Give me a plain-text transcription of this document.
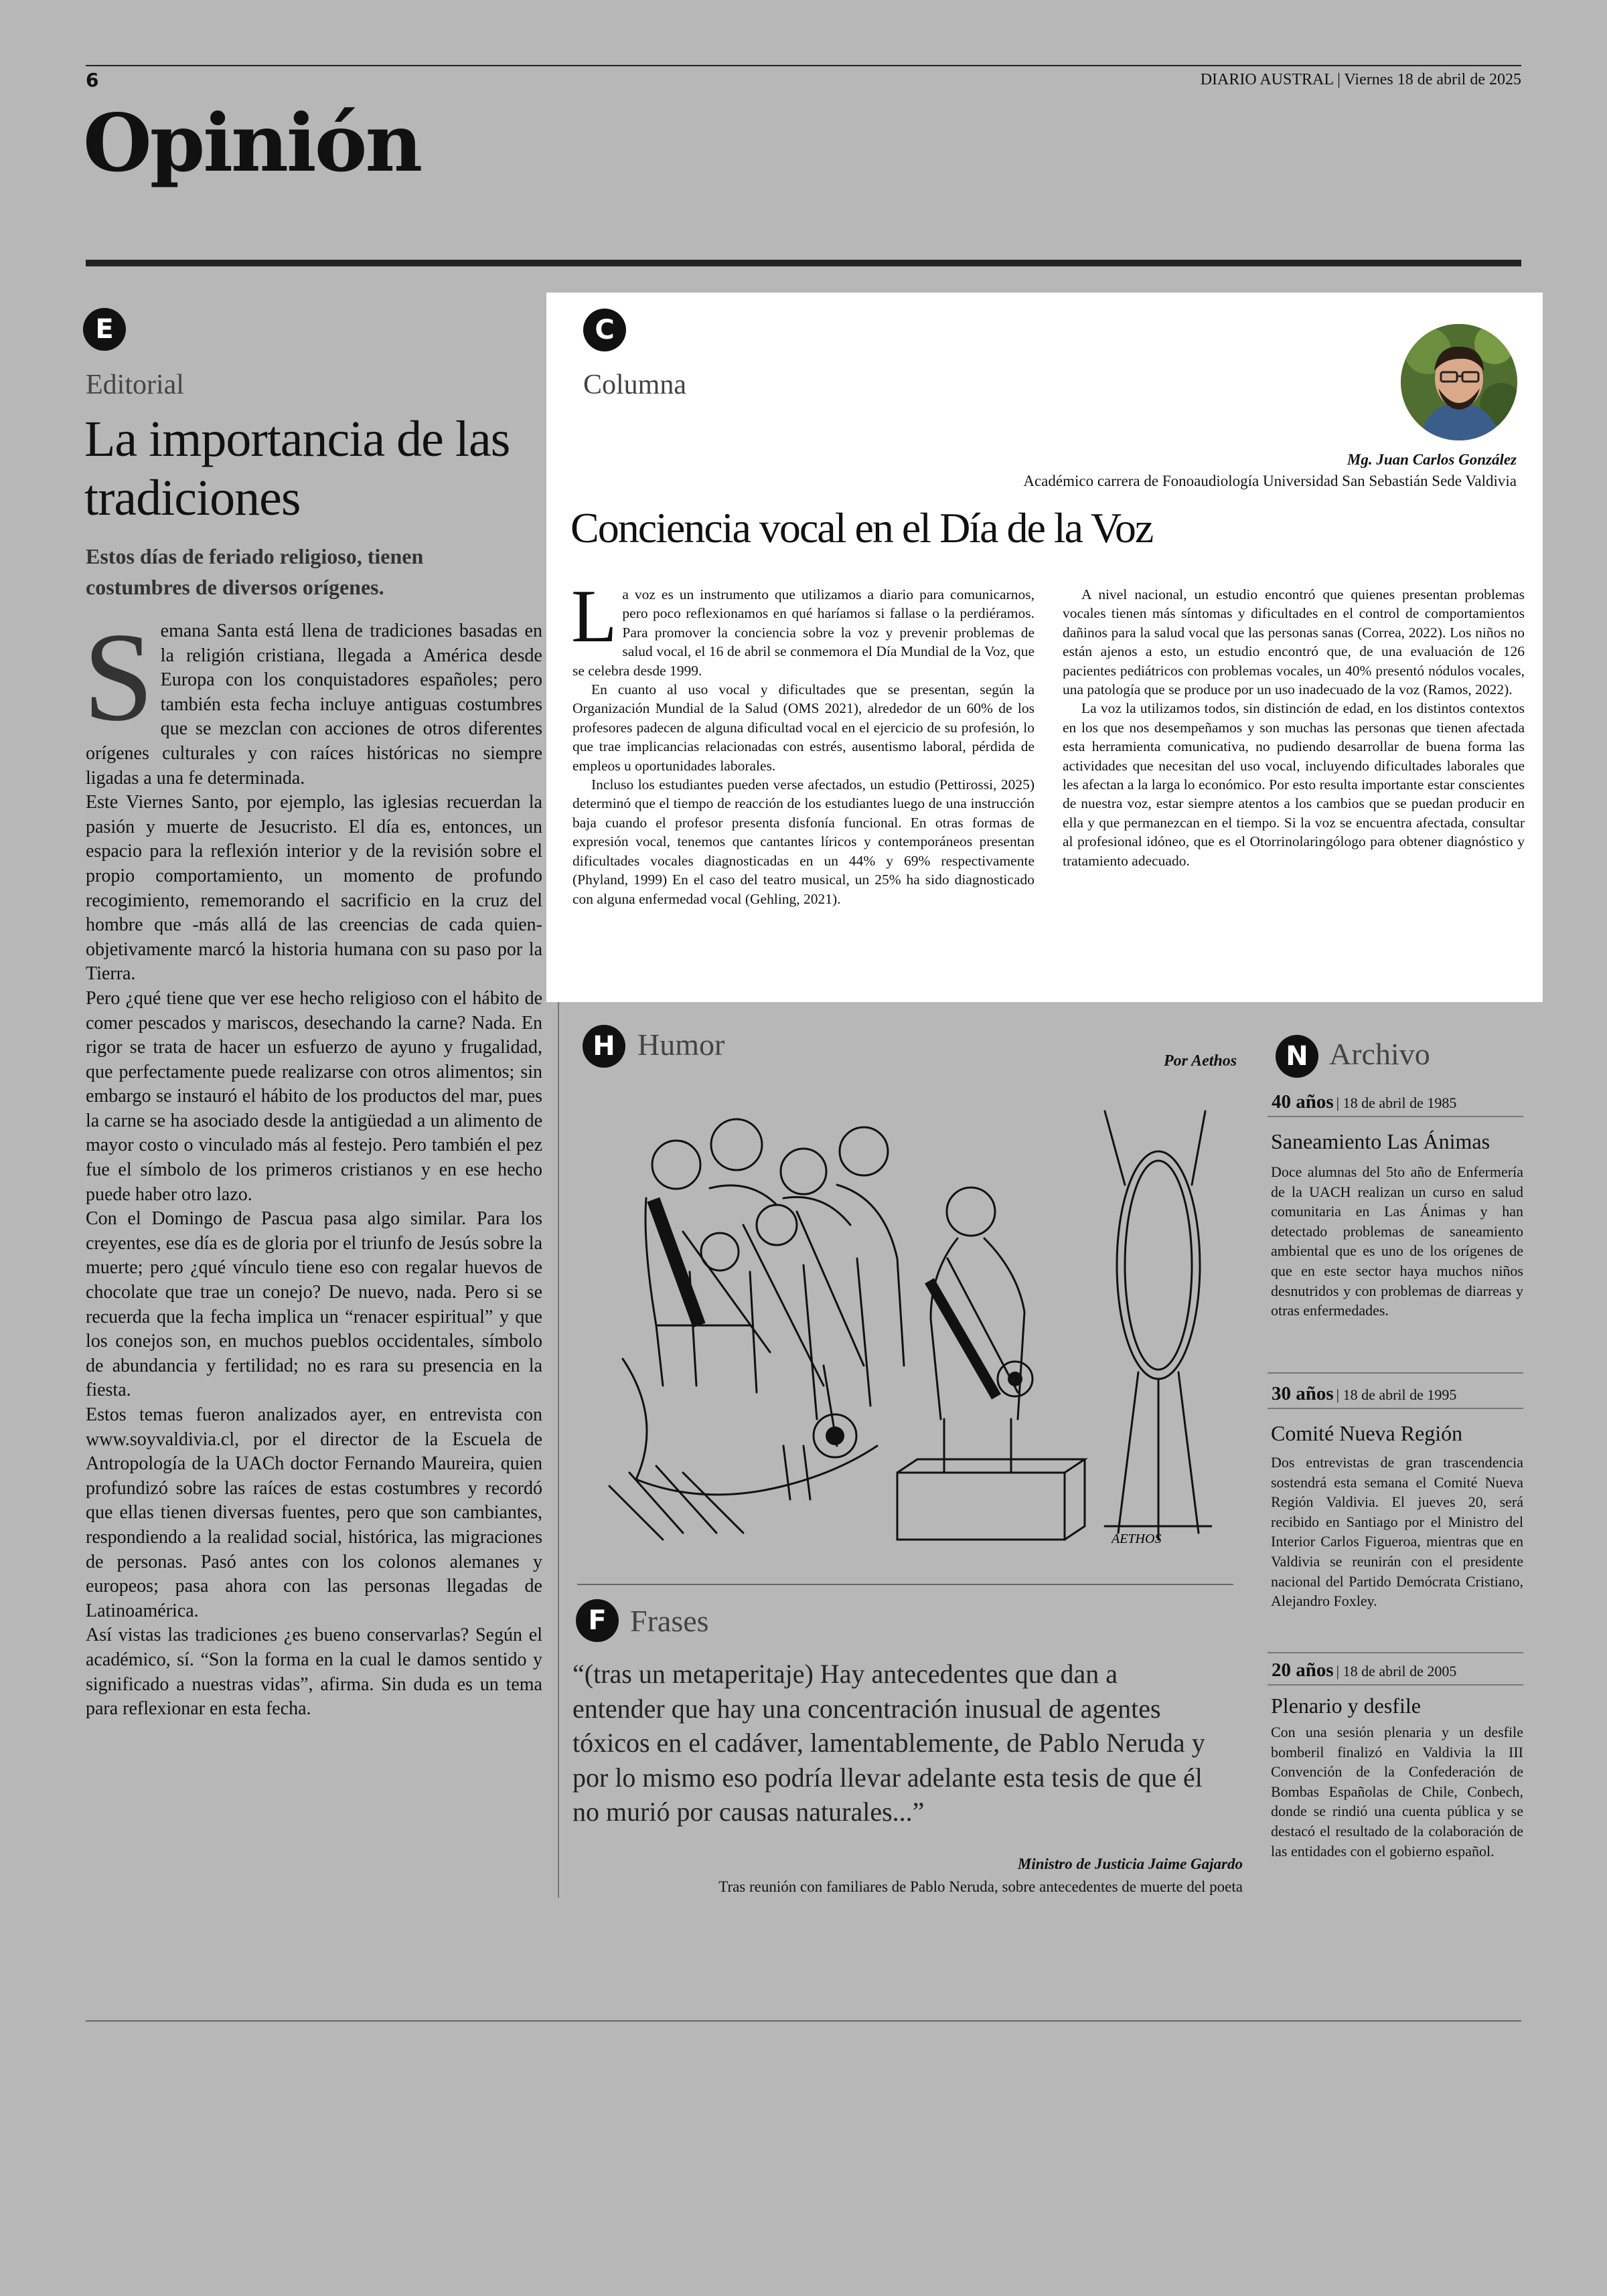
6	DIARIO AUSTRAL | Viernes 18 de abril de 2025
Opinión
E
Editorial
La importancia de las tradiciones
Estos días de feriado religioso, tienen costumbres de diversos orígenes.
S emana Santa está llena de tradiciones basadas en la religión cristiana, llegada a América desde Europa con los conquistadores españoles; pero también esta fecha incluye antiguas costumbres que se mezclan con acciones de otros diferentes orígenes culturales y con raíces históricas no siempre ligadas a una fe determinada.

Este Viernes Santo, por ejemplo, las iglesias recuerdan la pasión y muerte de Jesucristo. El día es, entonces, un espacio para la reflexión interior y de la revisión sobre el propio comportamiento, un momento de profundo recogimiento, rememorando el sacrificio en la cruz del hombre que -más allá de las creencias de cada quien- objetivamente marcó la historia humana con su paso por la Tierra.

Pero ¿qué tiene que ver ese hecho religioso con el hábito de comer pescados y mariscos, desechando la carne? Nada. En rigor se trata de hacer un esfuerzo de ayuno y frugalidad, que perfectamente puede realizarse con otros alimentos; sin embargo se instauró el hábito de los productos del mar, pues la carne se ha asociado desde la antigüedad a un alimento de mayor costo o vinculado más al festejo. Pero también el pez fue el símbolo de los primeros cristianos y en ese hecho puede haber otro lazo.

Con el Domingo de Pascua pasa algo similar. Para los creyentes, ese día es de gloria por el triunfo de Jesús sobre la muerte; pero ¿qué vínculo tiene eso con regalar huevos de chocolate que trae un conejo? De nuevo, nada. Pero si se recuerda que la fecha implica un “renacer espiritual” y que los conejos son, en muchos pueblos occidentales, símbolo de abundancia y fertilidad; no es rara su presencia en la fiesta.

Estos temas fueron analizados ayer, en entrevista con www.soyvaldivia.cl, por el director de la Escuela de Antropología de la UACh doctor Fernando Maureira, quien profundizó sobre las raíces de estas costumbres y recordó que ellas tienen diversas fuentes, pero que son cambiantes, respondiendo a la realidad social, histórica, las migraciones de personas. Pasó antes con los colonos alemanes y europeos; pasa ahora con las personas llegadas de Latinoamérica.

Así vistas las tradiciones ¿es bueno conservarlas? Según el académico, sí. “Son la forma en la cual le damos sentido y significado a nuestras vidas”, afirma. Sin duda es un tema para reflexionar en esta fecha.

C
Columna
Mg. Juan Carlos González
Académico carrera de Fonoaudiología Universidad San Sebastián Sede Valdivia
Conciencia vocal en el Día de la Voz
L a voz es un instrumento que utilizamos a diario para comunicarnos, pero poco reflexionamos en qué haríamos si fallase o la perdiéramos. Para promover la conciencia sobre la voz y prevenir problemas de salud vocal, el 16 de abril se conmemora el Día Mundial de la Voz, que se celebra desde 1999.

En cuanto al uso vocal y dificultades que se presentan, según la Organización Mundial de la Salud (OMS 2021), alrededor de un 60% de los profesores padecen de alguna dificultad vocal en el ejercicio de su profesión, lo que trae implicancias relacionadas con estrés, ausentismo laboral, pérdida de empleos u oportunidades laborales.

Incluso los estudiantes pueden verse afectados, un estudio (Pettirossi, 2025) determinó que el tiempo de reacción de los estudiantes luego de una instrucción baja cuando el profesor presenta disfonía funcional. En otras formas de expresión vocal, tenemos que cantantes líricos y contemporáneos presentan dificultades vocales diagnosticadas en un 44% y 69% respectivamente (Phyland, 1999) En el caso del teatro musical, un 25% ha sido diagnosticado con alguna enfermedad vocal (Gehling, 2021).

A nivel nacional, un estudio encontró que quienes presentan problemas vocales tienen más síntomas y dificultades en el control de comportamientos dañinos para la salud vocal que las personas sanas (Correa, 2022). Los niños no están ajenos a esto, un estudio encontró que, de una evaluación de 126 pacientes pediátricos con problemas vocales, un 40% presentó nódulos vocales, una patología que se produce por un uso inadecuado de la voz (Ramos, 2022).

La voz la utilizamos todos, sin distinción de edad, en los distintos contextos en los que nos desempeñamos y son muchas las personas que tienen afectada esta herramienta comunicativa, no pudiendo desarrollar de buena forma las actividades que necesitan del uso vocal, incluyendo dificultades laborales que les afectan a la larga lo económico. Por esto resulta importante estar conscientes de nuestra voz, estar siempre atentos a los cambios que se puedan producir en ella y que permanezcan en el tiempo. Si la voz se encuentra afectada, consultar al profesional idóneo, que es el Otorrinolaringólogo para obtener diagnóstico y tratamiento adecuado.

H Humor	Por Aethos
AETHOS
F Frases
“(tras un metaperitaje) Hay antecedentes que dan a entender que hay una concentración inusual de agentes tóxicos en el cadáver, lamentablemente, de Pablo Neruda y por lo mismo eso podría llevar adelante esta tesis de que él no murió por causas naturales...”
Ministro de Justicia Jaime Gajardo
Tras reunión con familiares de Pablo Neruda, sobre antecedentes de muerte del poeta
N Archivo
40 años | 18 de abril de 1985
Saneamiento Las Ánimas
Doce alumnas del 5to año de Enfermería de la UACH realizan un curso en salud comunitaria en Las Ánimas y han detectado problemas de saneamiento ambiental que es uno de los orígenes de que en este sector haya muchos niños desnutridos y con problemas de diarreas y otras enfermedades.
30 años | 18 de abril de 1995
Comité Nueva Región
Dos entrevistas de gran trascendencia sostendrá esta semana el Comité Nueva Región Valdivia. El jueves 20, será recibido en Santiago por el Ministro del Interior Carlos Figueroa, mientras que en Valdivia se reunirán con el presidente nacional del Partido Demócrata Cristiano, Alejandro Foxley.
20 años | 18 de abril de 2005
Plenario y desfile
Con una sesión plenaria y un desfile bomberil finalizó en Valdivia la III Convención de la Confederación de Bombas Españolas de Chile, Conbech, donde se rindió una cuenta pública y se destacó el resultado de la colaboración de las entidades con el gobierno español.
